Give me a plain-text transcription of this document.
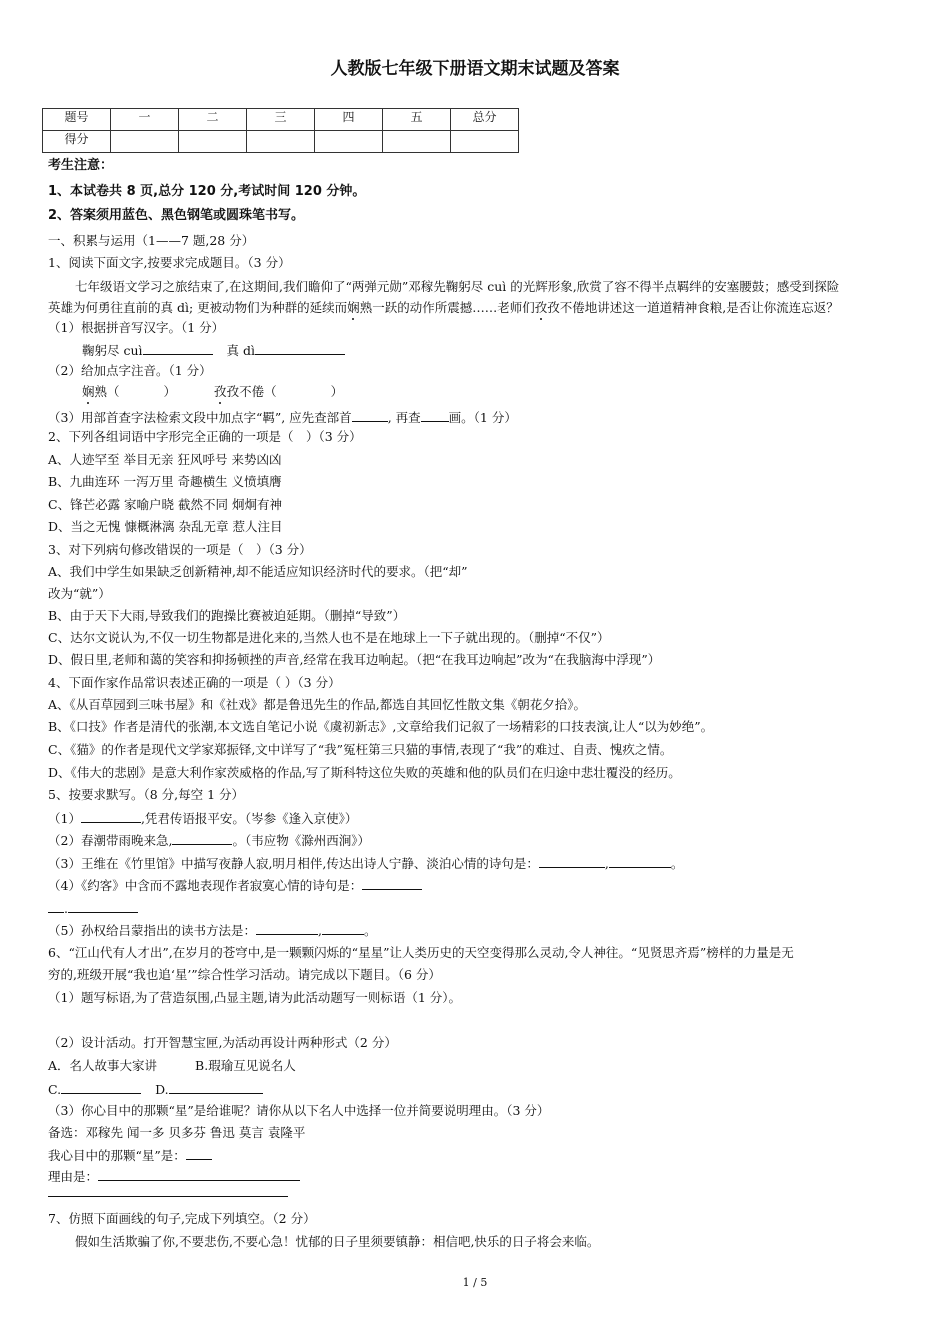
人教版七年级下册语文期末试题及答案
题号	一	二	三	四	五	总分
得分						
考生注意：
1、本试卷共 8 页,总分 120 分,考试时间 120 分钟。
2、答案须用蓝色、黑色钢笔或圆珠笔书写。
一、积累与运用（1——7 题,28 分）
1、阅读下面文字,按要求完成题目。（3 分）
七年级语文学习之旅结束了,在这期间,我们瞻仰了“两弹元勋”邓稼先鞠躬尽 cuì 的光辉形象,欣赏了容不得半点羁绊的安塞腰鼓；感受到探险
英雄为何勇往直前的真 dì; 更被动物们为种群的延续而娴熟一跃的动作所震撼……老师们孜孜不倦地讲述这一道道精神食粮,是否让你流连忘返？
（1）根据拼音写汉字。（1 分）
鞠躬尽 cuì	真 dì
（2）给加点字注音。（1 分）
娴熟（	）	孜孜不倦（	）
（3）用部首查字法检索文段中加点字“羁”, 应先查部首	, 再查 画。（1 分）
2、下列各组词语中字形完全正确的一项是（　）（3 分）
A、人迹罕至 举目无亲 狂风呼号 来势凶凶
B、九曲连环 一泻万里 奇趣横生 义愤填膺
C、锋芒必露 家喻户晓 截然不同 炯炯有神
D、当之无愧 慷概淋漓 杂乱无章 惹人注目
3、对下列病句修改错误的一项是（　）（3 分）
A、我们中学生如果缺乏创新精神,却不能适应知识经济时代的要求。（把“却”
改为“就”）
B、由于天下大雨,导致我们的跑操比赛被迫延期。（删掉“导致”）
C、达尔文说认为,不仅一切生物都是进化来的,当然人也不是在地球上一下子就出现的。（删掉“不仅”）
D、假日里,老师和蔼的笑容和抑扬顿挫的声音,经常在我耳边响起。（把“在我耳边响起”改为“在我脑海中浮现”）
4、下面作家作品常识表述正确的一项是（ ）（3 分）
A、《从百草园到三味书屋》和《社戏》都是鲁迅先生的作品,都选自其回忆性散文集《朝花夕拾》。
B、《口技》作者是清代的张潮,本文选自笔记小说《虞初新志》,文章给我们记叙了一场精彩的口技表演,让人“以为妙绝”。
C、《猫》的作者是现代文学家郑振铎,文中详写了“我”冤枉第三只猫的事情,表现了“我”的难过、自责、愧疚之情。
D、《伟大的悲剧》是意大利作家茨威格的作品,写了斯科特这位失败的英雄和他的队员们在归途中悲壮覆没的经历。
5、按要求默写。（8 分,每空 1 分）
（1）	,凭君传语报平安。（岑参《逢入京使》）
（2）春潮带雨晚来急,	。（韦应物《滁州西涧》）
（3）王维在《竹里馆》中描写夜静人寂,明月相伴,传达出诗人宁静、淡泊心情的诗句是：	,	。
（4）《约客》中含而不露地表现作者寂寞心情的诗句是：
.
（5）孙权给吕蒙指出的读书方法是：	,	。
6、“江山代有人才出”,在岁月的苍穹中,是一颗颗闪烁的“星星”让人类历史的天空变得那么灵动,令人神往。“见贤思齐焉”榜样的力量是无
穷的,班级开展“我也追‘星’”综合性学习活动。请完成以下题目。（6 分）
（1）题写标语,为了营造氛围,凸显主题,请为此活动题写一则标语（1 分）。
（2）设计活动。打开智慧宝匣,为活动再设计两种形式（2 分）
A．名人故事大家讲	B.瑕瑜互见说名人
C.	D.
（3）你心目中的那颗“星”是给谁呢？请你从以下名人中选择一位并简要说明理由。（3 分）
备选：邓稼先 闻一多 贝多芬 鲁迅 莫言 袁隆平
我心目中的那颗“星”是：
理由是：
7、仿照下面画线的句子,完成下列填空。（2 分）
假如生活欺骗了你,不要悲伤,不要心急！忧郁的日子里须要镇静：相信吧,快乐的日子将会来临。
1 / 5
